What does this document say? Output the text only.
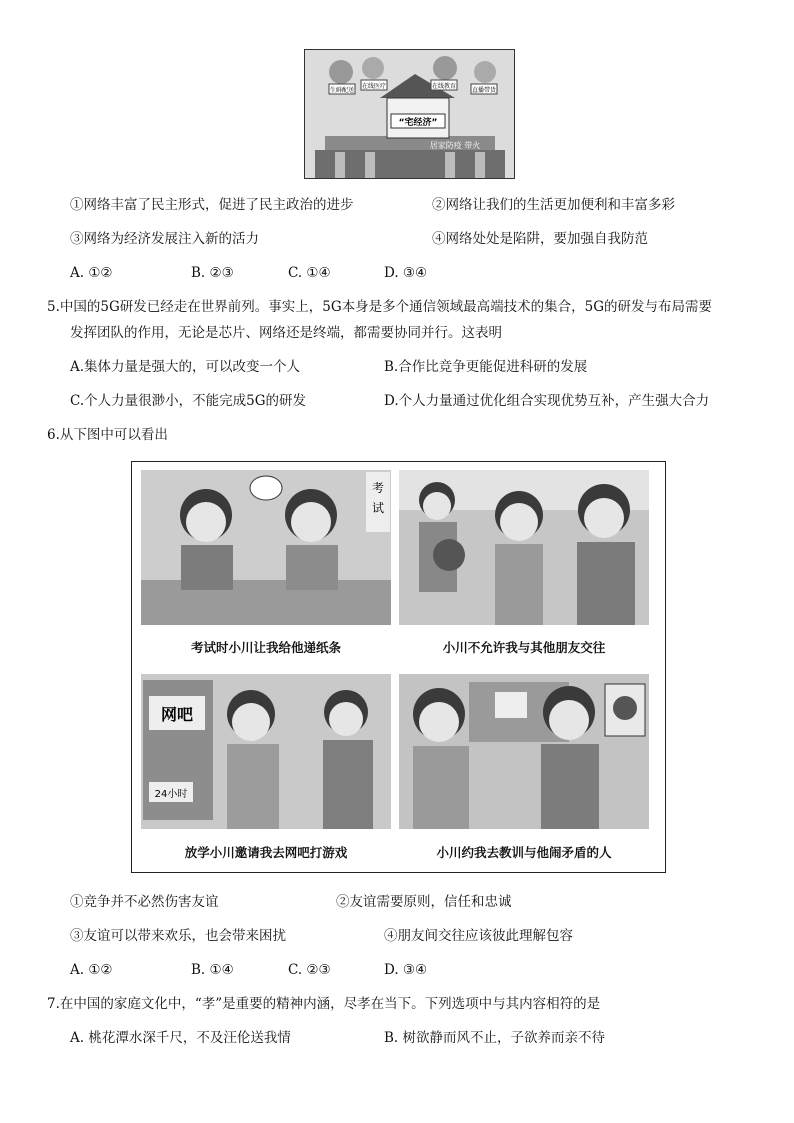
生鲜配送
在线医疗	在线教育
直播带货
“宅经济”
居家防疫 带火
①网络丰富了民主形式，促进了民主政治的进步	②网络让我们的生活更加便利和丰富多彩
③网络为经济发展注入新的活力	④网络处处是陷阱，要加强自我防范
A. ①②	B. ②③	C. ①④	D. ③④
5.中国的5G研发已经走在世界前列。事实上，5G本身是多个通信领域最高端技术的集合，5G的研发与布局需要
发挥团队的作用，无论是芯片、网络还是终端，都需要协同并行。这表明
A.集体力量是强大的，可以改变一个人	B.合作比竞争更能促进科研的发展
C.个人力量很渺小，不能完成5G的研发	D.个人力量通过优化组合实现优势互补，产生强大合力
6.从下图中可以看出
考
试
考试时小川让我给他递纸条	小川不允许我与其他朋友交往
网吧
24小时
放学小川邀请我去网吧打游戏	小川约我去教训与他闹矛盾的人
①竞争并不必然伤害友谊	②友谊需要原则，信任和忠诚
③友谊可以带来欢乐，也会带来困扰	④朋友间交往应该彼此理解包容
A. ①②	B. ①④	C. ②③	D. ③④
7.在中国的家庭文化中，“孝”是重要的精神内涵，尽孝在当下。下列选项中与其内容相符的是
A. 桃花潭水深千尺，不及汪伦送我情	B. 树欲静而风不止，子欲养而亲不待
